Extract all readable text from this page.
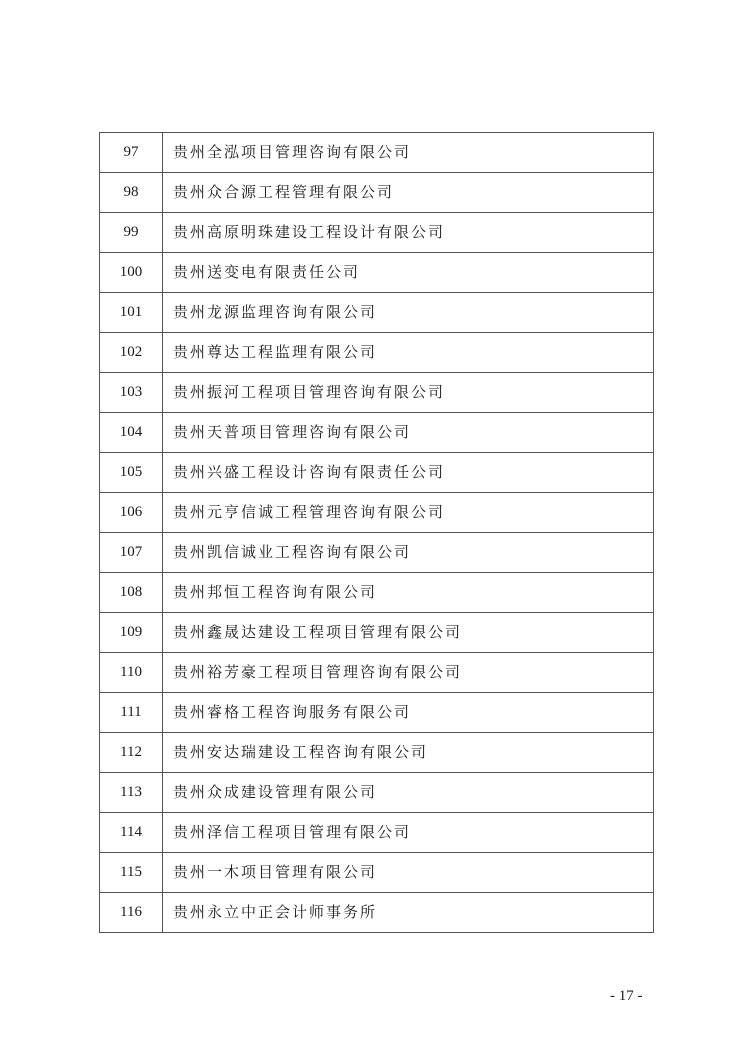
97	贵州全泓项目管理咨询有限公司
98	贵州众合源工程管理有限公司
99	贵州高原明珠建设工程设计有限公司
100	贵州送变电有限责任公司
101	贵州龙源监理咨询有限公司
102	贵州尊达工程监理有限公司
103	贵州振河工程项目管理咨询有限公司
104	贵州天普项目管理咨询有限公司
105	贵州兴盛工程设计咨询有限责任公司
106	贵州元亨信诚工程管理咨询有限公司
107	贵州凯信诚业工程咨询有限公司
108	贵州邦恒工程咨询有限公司
109	贵州鑫晟达建设工程项目管理有限公司
110	贵州裕芳豪工程项目管理咨询有限公司
111	贵州睿格工程咨询服务有限公司
112	贵州安达瑞建设工程咨询有限公司
113	贵州众成建设管理有限公司
114	贵州泽信工程项目管理有限公司
115	贵州一木项目管理有限公司
116	贵州永立中正会计师事务所
- 17 -
